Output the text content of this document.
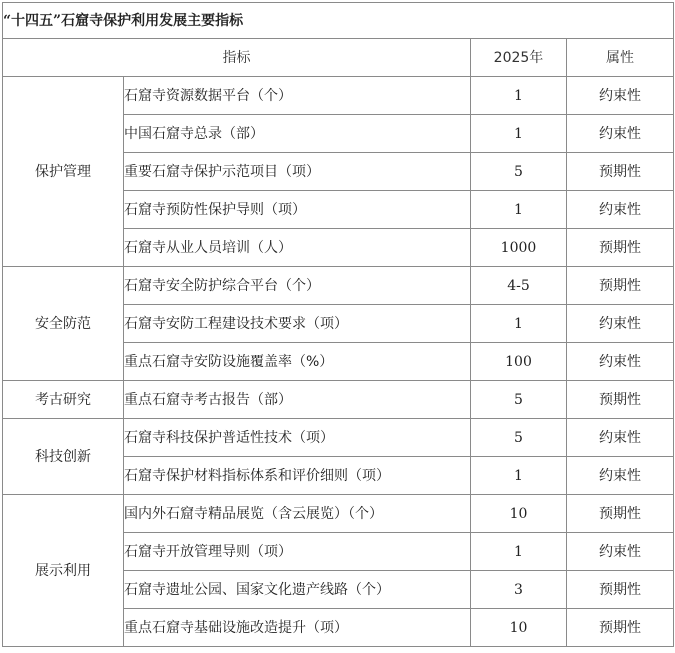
“十四五”石窟寺保护利用发展主要指标			
指标		2025年	属性
保护管理	石窟寺资源数据平台（个）	1	约束性
	中国石窟寺总录（部）	1	约束性
	重要石窟寺保护示范项目（项）	5	预期性
	石窟寺预防性保护导则（项）	1	约束性
	石窟寺从业人员培训（人）	1000	预期性
安全防范	石窟寺安全防护综合平台（个）	4-5	预期性
	石窟寺安防工程建设技术要求（项）	1	约束性
	重点石窟寺安防设施覆盖率（%）	100	约束性
考古研究	重点石窟寺考古报告（部）	5	预期性
科技创新	石窟寺科技保护普适性技术（项）	5	约束性
	石窟寺保护材料指标体系和评价细则（项）	1	约束性
展示利用	国内外石窟寺精品展览（含云展览）（个）	10	预期性
	石窟寺开放管理导则（项）	1	约束性
	石窟寺遗址公园、国家文化遗产线路（个）	3	预期性
	重点石窟寺基础设施改造提升（项）	10	预期性
